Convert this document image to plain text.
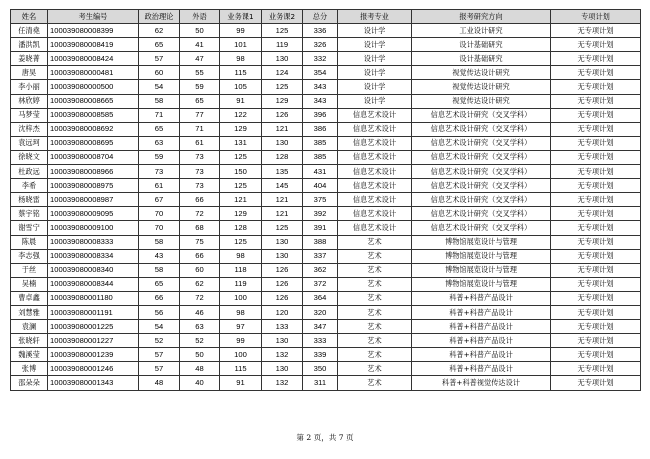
姓名	考生编号	政治理论	外语	业务课1	业务课2	总分	报考专业	报考研究方向	专项计划
任清堯	100039080008399	62	50	99	125	336	设计学	工业设计研究	无专项计划
潘洪凯	100039080008419	65	41	101	119	326	设计学	设计基础研究	无专项计划
姜晓菁	100039080008424	57	47	98	130	332	设计学	设计基础研究	无专项计划
唐昊	100039080000481	60	55	115	124	354	设计学	视觉传达设计研究	无专项计划
李小丽	100039080000500	54	59	105	125	343	设计学	视觉传达设计研究	无专项计划
林欣婷	100039080008665	58	65	91	129	343	设计学	视觉传达设计研究	无专项计划
马梦莹	100039080008585	71	77	122	126	396	信息艺术设计	信息艺术设计研究（交叉学科）	无专项计划
沈梓杰	100039080008692	65	71	129	121	386	信息艺术设计	信息艺术设计研究（交叉学科）	无专项计划
袁远珂	100039080008695	63	61	131	130	385	信息艺术设计	信息艺术设计研究（交叉学科）	无专项计划
徐晓文	100039080008704	59	73	125	128	385	信息艺术设计	信息艺术设计研究（交叉学科）	无专项计划
杜政远	100039080008966	73	73	150	135	431	信息艺术设计	信息艺术设计研究（交叉学科）	无专项计划
李希	100039080008975	61	73	125	145	404	信息艺术设计	信息艺术设计研究（交叉学科）	无专项计划
杨晓雷	100039080008987	67	66	121	121	375	信息艺术设计	信息艺术设计研究（交叉学科）	无专项计划
蔡宇铭	100039080009095	70	72	129	121	392	信息艺术设计	信息艺术设计研究（交叉学科）	无专项计划
谢雪宁	100039080009100	70	68	128	125	391	信息艺术设计	信息艺术设计研究（交叉学科）	无专项计划
陈晨	100039080008333	58	75	125	130	388	艺术	博物馆展览设计与管理	无专项计划
李志强	100039080008334	43	66	98	130	337	艺术	博物馆展览设计与管理	无专项计划
于丝	100039080008340	58	60	118	126	362	艺术	博物馆展览设计与管理	无专项计划
吴楠	100039080008344	65	62	119	126	372	艺术	博物馆展览设计与管理	无专项计划
曹卓鑫	100039080001180	66	72	100	126	364	艺术	科普+科普产品设计	无专项计划
刘慧雅	100039080001191	56	46	98	120	320	艺术	科普+科普产品设计	无专项计划
袁澜	100039080001225	54	63	97	133	347	艺术	科普+科普产品设计	无专项计划
张晓轩	100039080001227	52	52	99	130	333	艺术	科普+科普产品设计	无专项计划
魏溪莹	100039080001239	57	50	100	132	339	艺术	科普+科普产品设计	无专项计划
张博	100039080001246	57	48	115	130	350	艺术	科普+科普产品设计	无专项计划
邵朵朵	100039080001343	48	40	91	132	311	艺术	科普+科普视觉传达设计	无专项计划
第 2 页，共 7 页
